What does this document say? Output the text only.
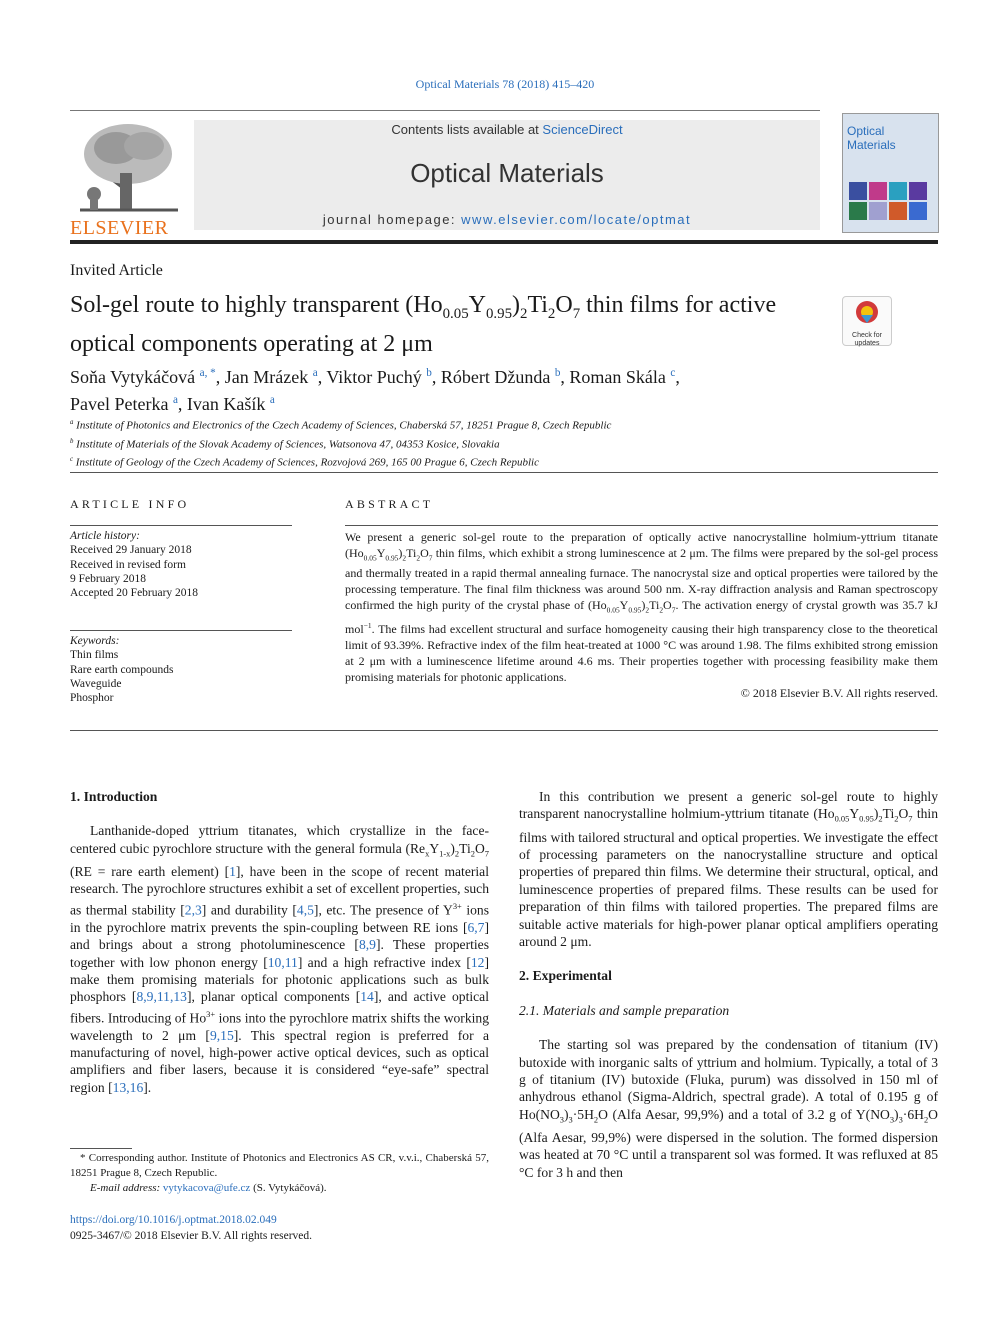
Optical Materials 78 (2018) 415–420
ELSEVIER
Contents lists available at ScienceDirect
Optical Materials
journal homepage: www.elsevier.com/locate/optmat
Optical Materials
Invited Article
Sol-gel route to highly transparent $(Ho_{0.05}Y_{0.95})_2Ti_2O_7$ thin films for active optical components operating at 2 μm	Check for updates
Soňa Vytykáčová $^{a, *}$, Jan Mrázek $^a$, Viktor Puchý $^b$, Róbert Džunda $^b$, Roman Skála $^c$,
Pavel Peterka $^a$, Ivan Kašík $^a$
$^a$ Institute of Photonics and Electronics of the Czech Academy of Sciences, Chaberská 57, 18251 Prague 8, Czech Republic
$^b$ Institute of Materials of the Slovak Academy of Sciences, Watsonova 47, 04353 Kosice, Slovakia
$^c$ Institute of Geology of the Czech Academy of Sciences, Rozvojová 269, 165 00 Prague 6, Czech Republic
ARTICLE INFO	ABSTRACT
Article history:
Received 29 January 2018
Received in revised form
9 February 2018
Accepted 20 February 2018
Keywords:
Thin films
Rare earth compounds
Waveguide
Phosphor
We present a generic sol-gel route to the preparation of optically active nanocrystalline holmium-yttrium titanate $(Ho_{0.05}Y_{0.95})_2Ti_2O_7$ thin films, which exhibit a strong luminescence at 2 μm. The films were prepared by the sol-gel process and thermally treated in a rapid thermal annealing furnace. The nanocrystal size and optical properties were tailored by the processing temperature. The final film thickness was around 500 nm. X-ray diffraction analysis and Raman spectroscopy confirmed the high purity of the crystal phase of $(Ho_{0.05}Y_{0.95})_2Ti_2O_7$. The activation energy of crystal growth was 35.7 kJ mol$^{-1}$. The films had excellent structural and surface homogeneity causing their high transparency close to the theoretical limit of 93.39%. Refractive index of the film heat-treated at 1000 °C was around 1.98. The films exhibited strong emission at 2 μm with a luminescence lifetime around 4.6 ms. Their properties together with processing feasibility make them promising materials for photonic applications.
© 2018 Elsevier B.V. All rights reserved.
1. Introduction

Lanthanide-doped yttrium titanates, which crystallize in the face-centered cubic pyrochlore structure with the general formula $(Re_xY_{1-x})_2Ti_2O_7$ (RE = rare earth element) [1], have been in the scope of recent material research. The pyrochlore structures exhibit a set of excellent properties, such as thermal stability [2,3] and durability [4,5], etc. The presence of $Y^{3+}$ ions in the pyrochlore matrix prevents the spin-coupling between RE ions [6,7] and brings about a strong photoluminescence [8,9]. These properties together with low phonon energy [10,11] and a high refractive index [12] make them promising materials for photonic applications such as bulk phosphors [8,9,11,13], planar optical components [14], and active optical fibers. Introducing of $Ho^{3+}$ ions into the pyrochlore matrix shifts the working wavelength to 2 μm [9,15]. This spectral region is preferred for a manufacturing of novel, high-power active optical devices, such as optical amplifiers and fiber lasers, because it is considered “eye-safe” spectral region [13,16].

* Corresponding author. Institute of Photonics and Electronics AS CR, v.v.i., Chaberská 57, 18251 Prague 8, Czech Republic.
E-mail address: vytykacova@ufe.cz (S. Vytykáčová).
https://doi.org/10.1016/j.optmat.2018.02.049
0925-3467/© 2018 Elsevier B.V. All rights reserved.

In this contribution we present a generic sol-gel route to highly transparent nanocrystalline holmium-yttrium titanate $(Ho_{0.05}Y_{0.95})_2Ti_2O_7$ thin films with tailored structural and optical properties. We investigate the effect of processing parameters on the nanocrystalline structure and optical properties of prepared thin films. We determine their structural, optical, and luminescence properties of prepared films. These results can be used for preparation of thin films with tailored properties. The prepared films are suitable active materials for high-power planar optical amplifiers operating around 2 μm.

2. Experimental
2.1. Materials and sample preparation

The starting sol was prepared by the condensation of titanium (IV) butoxide with inorganic salts of yttrium and holmium. Typically, a total of 3 g of titanium (IV) butoxide (Fluka, purum) was dissolved in 150 ml of anhydrous ethanol (Sigma-Aldrich, spectral grade). A total of 0.195 g of $Ho(NO_3)_3\cdot 5H_2O$ (Alfa Aesar, 99,9%) and a total of 3.2 g of $Y(NO_3)_3\cdot 6H_2O$ (Alfa Aesar, 99,9%) were dispersed in the solution. The formed dispersion was heated at 70 °C until a transparent sol was formed. It was refluxed at 85 °C for 3 h and then
